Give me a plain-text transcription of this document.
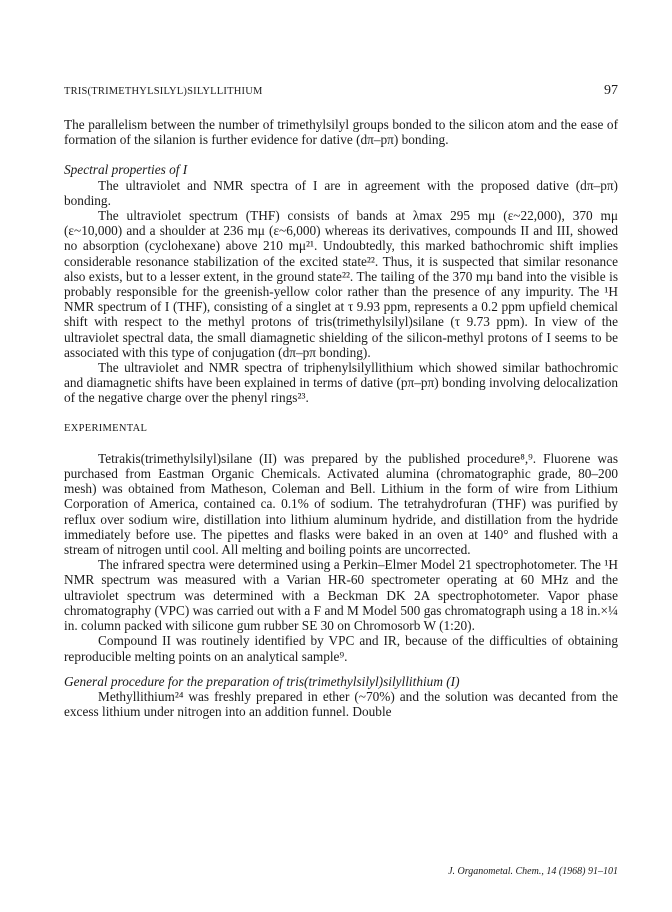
TRIS(TRIMETHYLSILYL)SILYLLITHIUM	97

The parallelism between the number of trimethylsilyl groups bonded to the silicon atom and the ease of formation of the silanion is further evidence for dative (dπ–pπ) bonding.

Spectral properties of I

The ultraviolet and NMR spectra of I are in agreement with the proposed dative (dπ–pπ) bonding.

The ultraviolet spectrum (THF) consists of bands at λmax 295 mμ (ε~22,000), 370 mμ (ε~10,000) and a shoulder at 236 mμ (ε~6,000) whereas its derivatives, compounds II and III, showed no absorption (cyclohexane) above 210 mμ²¹. Undoubtedly, this marked bathochromic shift implies considerable resonance stabilization of the excited state²². Thus, it is suspected that similar resonance also exists, but to a lesser extent, in the ground state²². The tailing of the 370 mμ band into the visible is probably responsible for the greenish-yellow color rather than the presence of any impurity. The ¹H NMR spectrum of I (THF), consisting of a singlet at τ 9.93 ppm, represents a 0.2 ppm upfield chemical shift with respect to the methyl protons of tris(trimethylsilyl)silane (τ 9.73 ppm). In view of the ultraviolet spectral data, the small diamagnetic shielding of the silicon-methyl protons of I seems to be associated with this type of conjugation (dπ–pπ bonding).

The ultraviolet and NMR spectra of triphenylsilyllithium which showed similar bathochromic and diamagnetic shifts have been explained in terms of dative (pπ–pπ) bonding involving delocalization of the negative charge over the phenyl rings²³.

EXPERIMENTAL

Tetrakis(trimethylsilyl)silane (II) was prepared by the published procedure⁸,⁹. Fluorene was purchased from Eastman Organic Chemicals. Activated alumina (chromatographic grade, 80–200 mesh) was obtained from Matheson, Coleman and Bell. Lithium in the form of wire from Lithium Corporation of America, contained ca. 0.1% of sodium. The tetrahydrofuran (THF) was purified by reflux over sodium wire, distillation into lithium aluminum hydride, and distillation from the hydride immediately before use. The pipettes and flasks were baked in an oven at 140° and flushed with a stream of nitrogen until cool. All melting and boiling points are uncorrected.

The infrared spectra were determined using a Perkin–Elmer Model 21 spectrophotometer. The ¹H NMR spectrum was measured with a Varian HR-60 spectrometer operating at 60 MHz and the ultraviolet spectrum was determined with a Beckman DK 2A spectrophotometer. Vapor phase chromatography (VPC) was carried out with a F and M Model 500 gas chromatograph using a 18 in.×¼ in. column packed with silicone gum rubber SE 30 on Chromosorb W (1:20).

Compound II was routinely identified by VPC and IR, because of the difficulties of obtaining reproducible melting points on an analytical sample⁹.

General procedure for the preparation of tris(trimethylsilyl)silyllithium (I)

Methyllithium²⁴ was freshly prepared in ether (~70%) and the solution was decanted from the excess lithium under nitrogen into an addition funnel. Double

J. Organometal. Chem., 14 (1968) 91–101
